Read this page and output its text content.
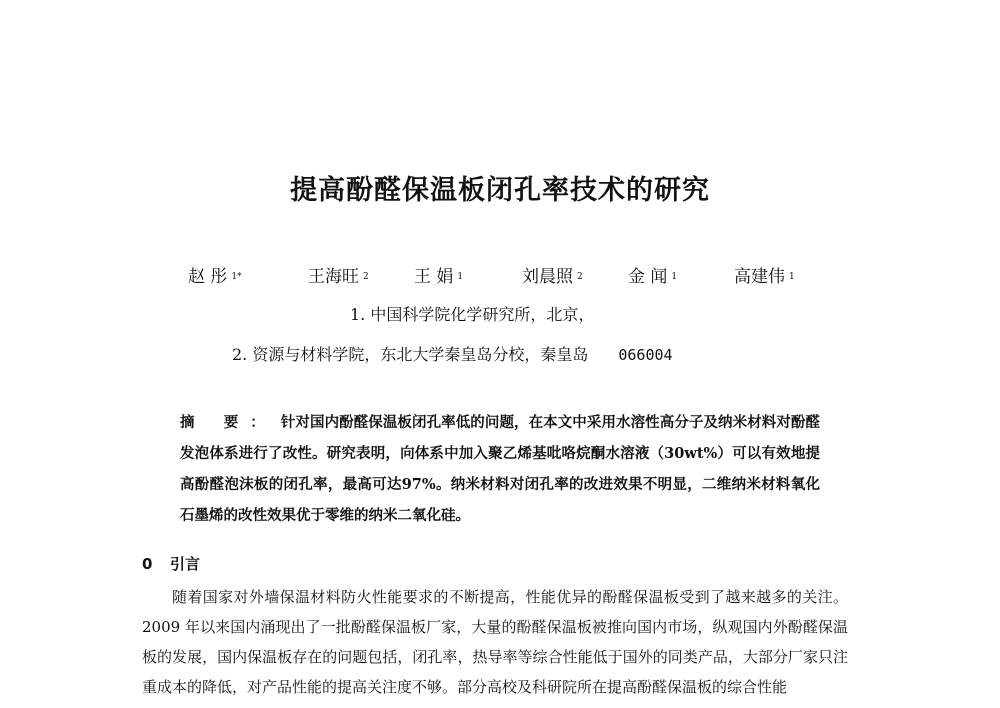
提高酚醛保温板闭孔率技术的研究
赵 彤 $^{1*}$	王海旺 $^2$	王 娟 $^1$	刘晨照 $^2$	金 闻 $^1$	高建伟 $^1$
1. 中国科学院化学研究所，北京，
2. 资源与材料学院，东北大学秦皇岛分校，秦皇岛 066004
摘 要： 针对国内酚醛保温板闭孔率低的问题，在本文中采用水溶性高分子及纳米材料对酚醛发泡体系进行了改性。研究表明，向体系中加入聚乙烯基吡咯烷酮水溶液（30wt%）可以有效地提高酚醛泡沫板的闭孔率，最高可达97%。纳米材料对闭孔率的改进效果不明显，二维纳米材料氧化石墨烯的改性效果优于零维的纳米二氧化硅。
0 引言

随着国家对外墙保温材料防火性能要求的不断提高，性能优异的酚醛保温板受到了越来越多的关注。2009 年以来国内涌现出了一批酚醛保温板厂家，大量的酚醛保温板被推向国内市场，纵观国内外酚醛保温板的发展，国内保温板存在的问题包括，闭孔率，热导率等综合性能低于国外的同类产品，大部分厂家只注重成本的降低，对产品性能的提高关注度不够。部分高校及科研院所在提高酚醛保温板的综合性能
